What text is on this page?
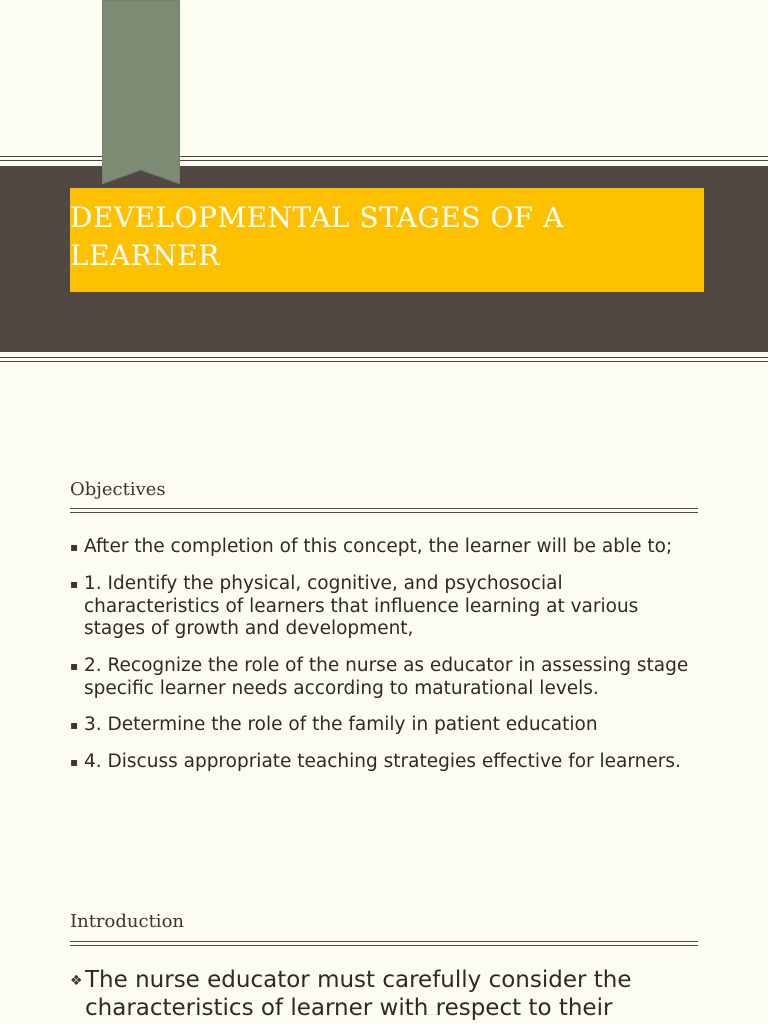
DEVELOPMENTAL STAGES OF A LEARNER
Objectives
▪ After the completion of this concept, the learner will be able to;
▪ 1. Identify the physical, cognitive, and psychosocial characteristics of learners that influence learning at various stages of growth and development,
▪ 2. Recognize the role of the nurse as educator in assessing stage specific learner needs according to maturational levels.
▪ 3. Determine the role of the family in patient education
▪ 4. Discuss appropriate teaching strategies effective for learners.
Introduction
❖ The nurse educator must carefully consider the characteristics of learner with respect to their
